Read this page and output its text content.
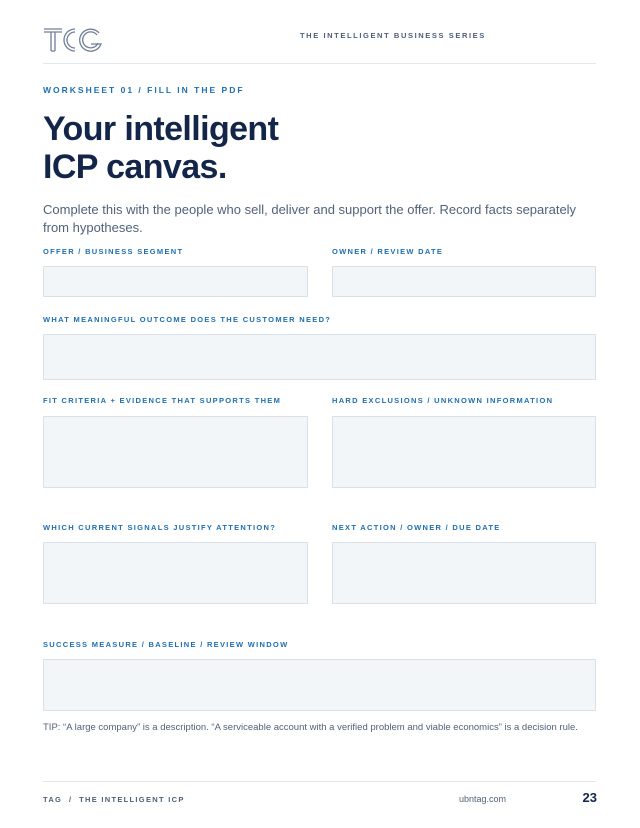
THE INTELLIGENT BUSINESS SERIES
WORKSHEET 01 / FILL IN THE PDF
Your intelligent
ICP canvas.
Complete this with the people who sell, deliver and support the offer. Record facts separately from hypotheses.
OFFER / BUSINESS SEGMENT	OWNER / REVIEW DATE
WHAT MEANINGFUL OUTCOME DOES THE CUSTOMER NEED?
FIT CRITERIA + EVIDENCE THAT SUPPORTS THEM	HARD EXCLUSIONS / UNKNOWN INFORMATION
WHICH CURRENT SIGNALS JUSTIFY ATTENTION?	NEXT ACTION / OWNER / DUE DATE
SUCCESS MEASURE / BASELINE / REVIEW WINDOW
TIP: “A large company” is a description. “A serviceable account with a verified problem and viable economics” is a decision rule.
TAG  /  THE INTELLIGENT ICP	ubntag.com	23
